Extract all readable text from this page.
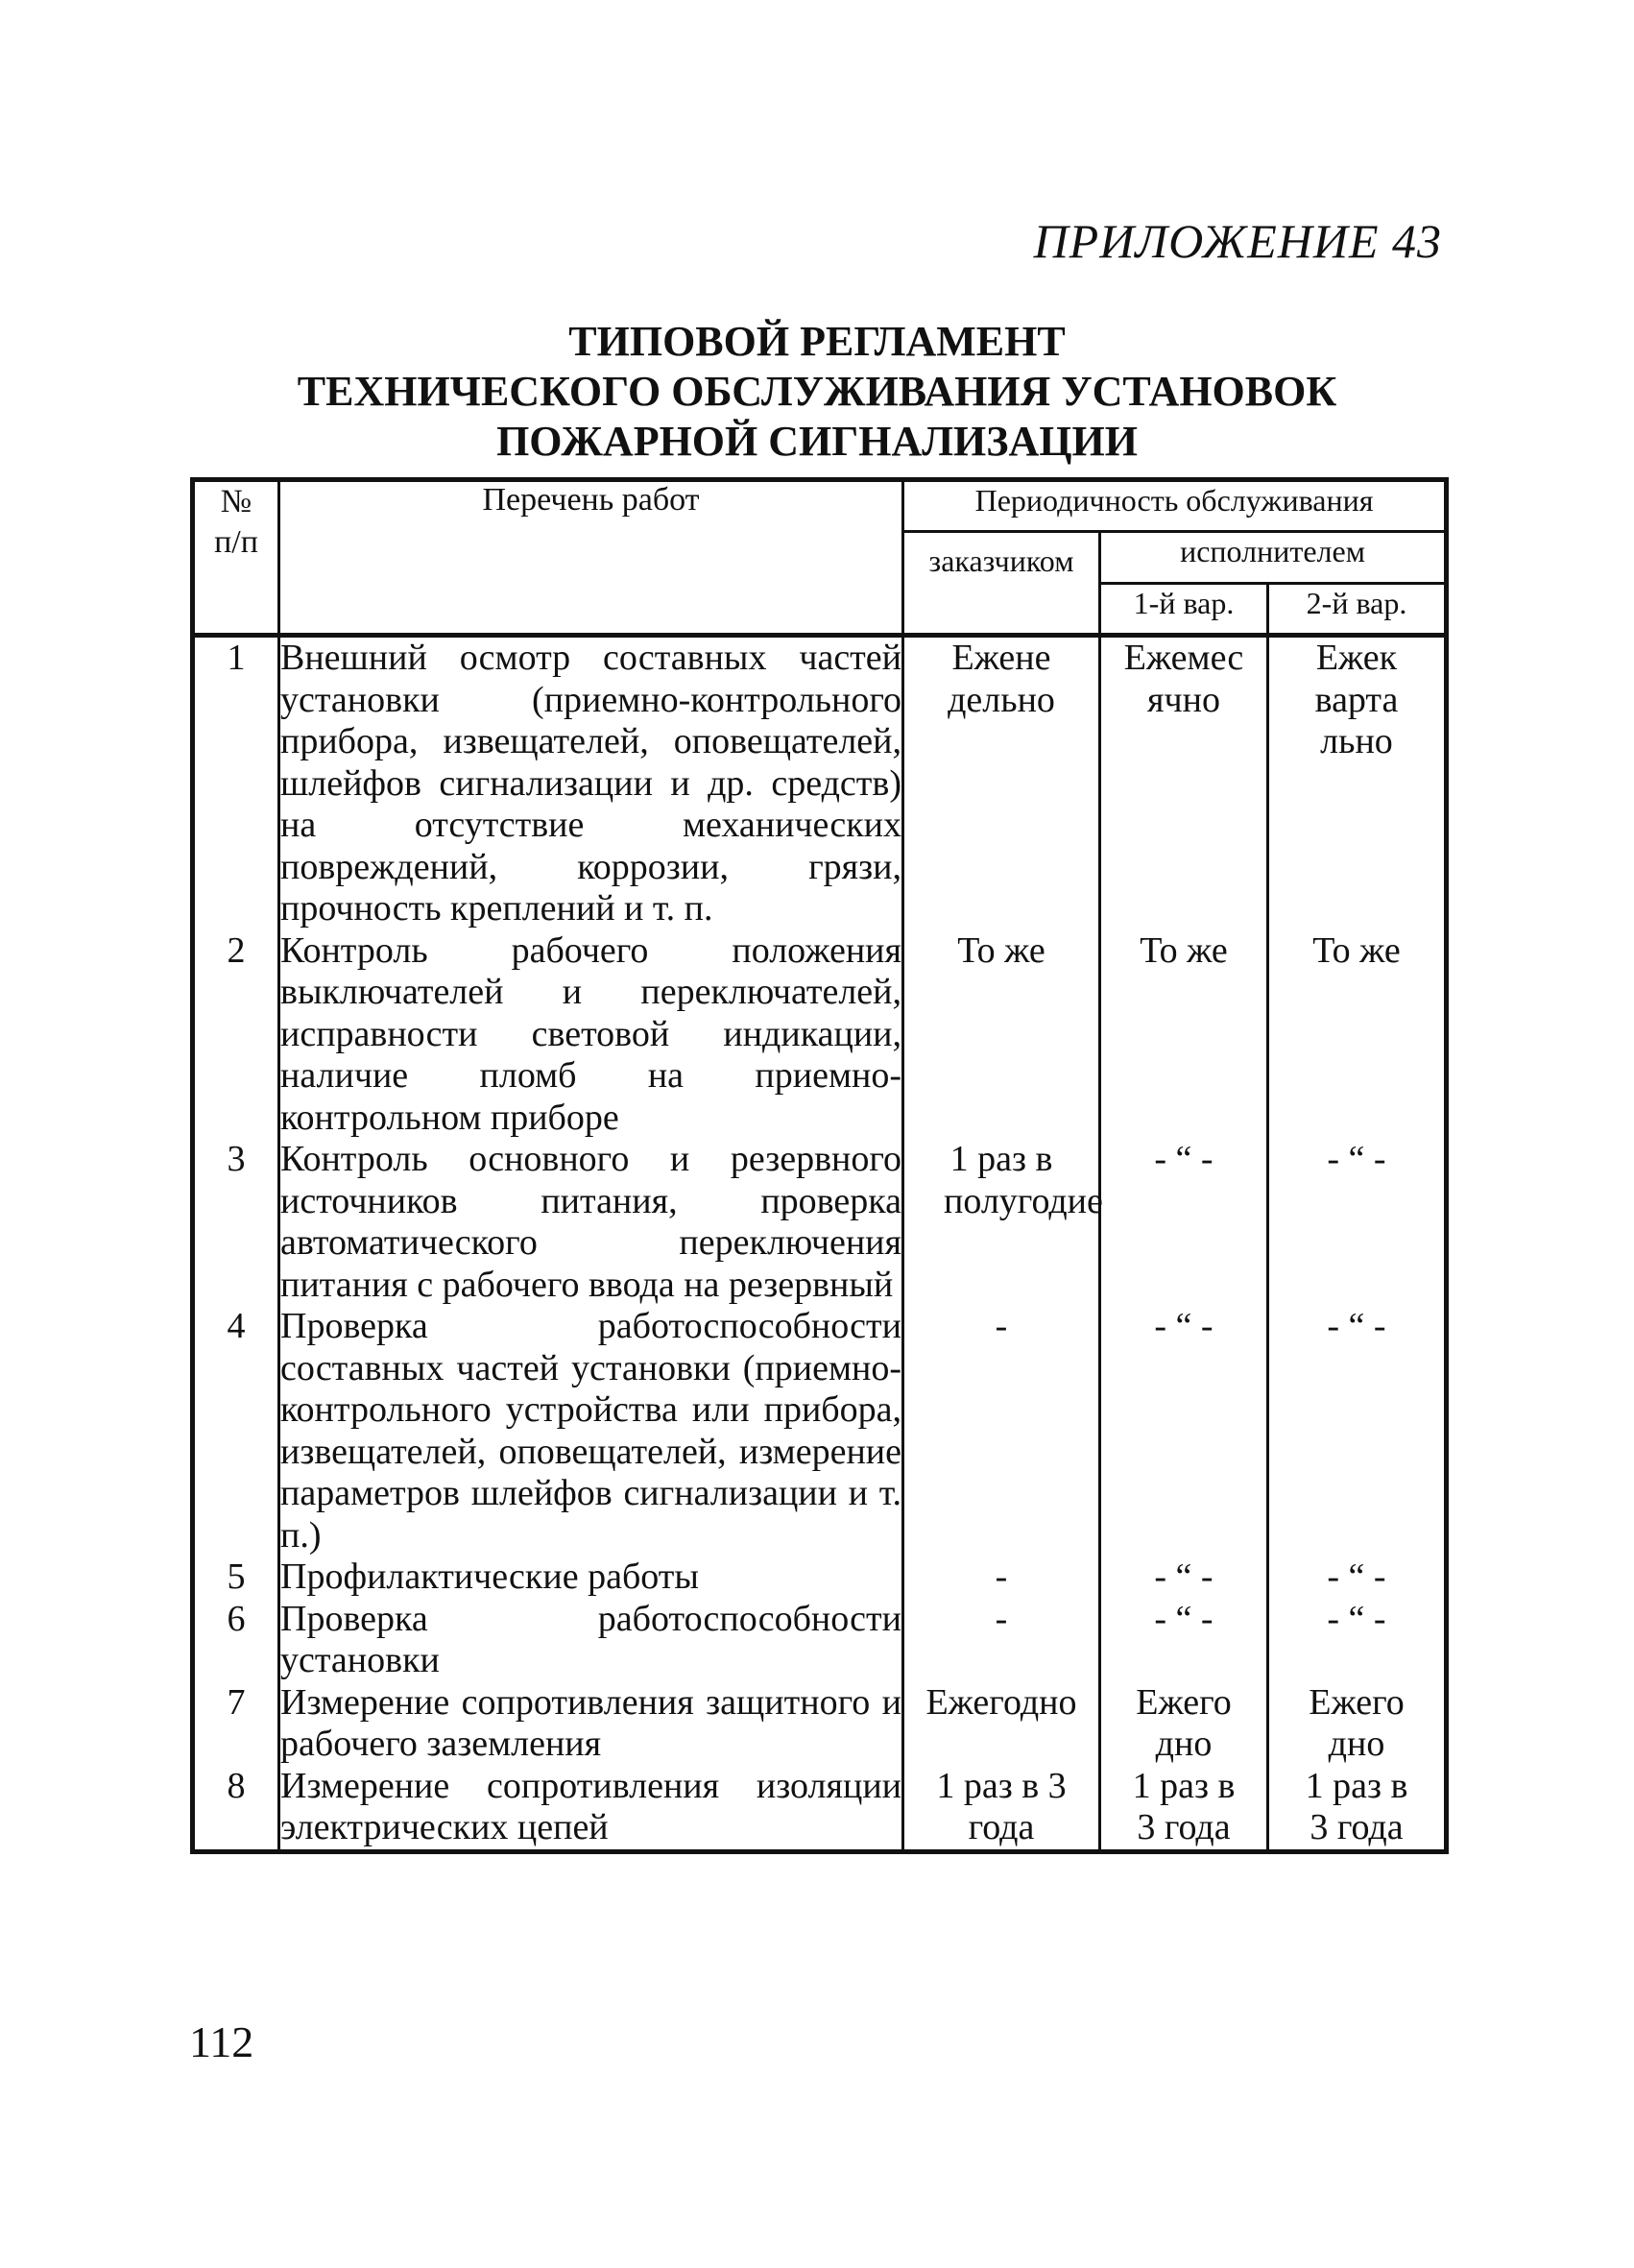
ПРИЛОЖЕНИЕ 43
ТИПОВОЙ РЕГЛАМЕНТ
ТЕХНИЧЕСКОГО ОБСЛУЖИВАНИЯ УСТАНОВОК
ПОЖАРНОЙ СИГНАЛИЗАЦИИ
№
п/п	Перечень работ	Периодичность обслуживания		
		заказчиком	исполнителем	
			1-й вар.	2-й вар.
1	Внешний осмотр составных частей установки (приемно-контрольного прибора, извещателей, оповещателей, шлейфов сигнализации и др. средств) на отсутствие механических повреждений, коррозии, грязи, прочность креплений и т. п.	Еженедельно	Ежемесячно	Ежеквартально

2	Контроль рабочего положения выключателей и переключателей, исправности световой индикации, наличие пломб на приемно-контрольном приборе	То же	То же	То же
3	Контроль основного и резервного источников питания, проверка автоматического переключения питания с рабочего ввода на резервный	1 раз в полугодие	- “ -	- “ -
4	Проверка работоспособности составных частей установки (приемно-контрольного устройства или прибора, извещателей, оповещателей, измерение параметров шлейфов сигнализации и т. п.)	-	- “ -	- “ -
5	Профилактические работы	-	- “ -	- “ -
6	Проверка работоспособности установки	-	- “ -	- “ -
7	Измерение сопротивления защитного и рабочего заземления	Ежегодно	Ежегодно	Ежегодно

8	Измерение сопротивления изоляции электрических цепей	1 раз в 3 года	1 раз в 3 года	1 раз в 3 года
112
